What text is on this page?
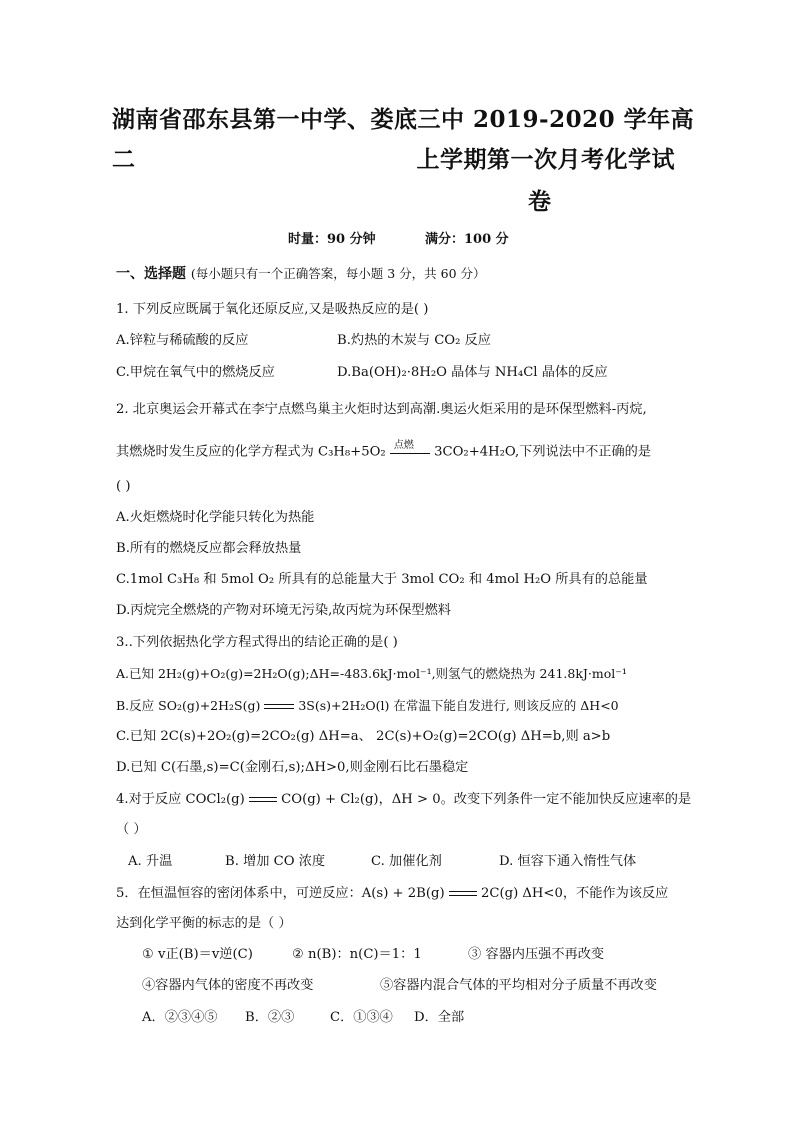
湖南省邵东县第一中学、娄底三中 2019-2020 学年高二	上学期第一次月考化学试
卷
时量：90 分钟	满分：100 分
一、选择题 (每小题只有一个正确答案，每小题 3 分，共 60 分）
1. 下列反应既属于氧化还原反应,又是吸热反应的是( )
A.锌粒与稀硫酸的反应	B.灼热的木炭与 CO₂ 反应
C.甲烷在氧气中的燃烧反应	D.Ba(OH)₂·8H₂O 晶体与 NH₄Cl 晶体的反应
2. 北京奥运会开幕式在李宁点燃鸟巢主火炬时达到高潮.奥运火炬采用的是环保型燃料-丙烷,
其燃烧时发生反应的化学方程式为 C₃H₈+5O₂ 点燃 3CO₂+4H₂O,下列说法中不正确的是
( )
A.火炬燃烧时化学能只转化为热能
B.所有的燃烧反应都会释放热量
C.1mol C₃H₈ 和 5mol O₂ 所具有的总能量大于 3mol CO₂ 和 4mol H₂O 所具有的总能量
D.丙烷完全燃烧的产物对环境无污染,故丙烷为环保型燃料
3..下列依据热化学方程式得出的结论正确的是( )
A.已知 2H₂(g)+O₂(g)=2H₂O(g);ΔH=-483.6kJ·mol⁻¹,则氢气的燃烧热为 241.8kJ·mol⁻¹
B.反应 SO₂(g)+2H₂S(g)	3S(s)+2H₂O(l) 在常温下能自发进行, 则该反应的 ΔH<0
C.已知 2C(s)+2O₂(g)=2CO₂(g) ΔH=a、 2C(s)+O₂(g)=2CO(g) ΔH=b,则 a>b
D.已知 C(石墨,s)=C(金刚石,s);ΔH>0,则金刚石比石墨稳定
4.对于反应 COCl₂(g)	CO(g) + Cl₂(g)，ΔH > 0。改变下列条件一定不能加快反应速率的是
（ ）
A. 升温	B. 增加 CO 浓度	C. 加催化剂	D. 恒容下通入惰性气体
5．在恒温恒容的密闭体系中，可逆反应：A(s) + 2B(g)	2C(g) ΔH<0，不能作为该反应
达到化学平衡的标志的是（ ）
① v正(B)＝v逆(C)	② n(B)：n(C)＝1：1	③ 容器内压强不再改变
④容器内气体的密度不再改变	⑤容器内混合气体的平均相对分子质量不再改变
A．②③④⑤ B．②③	C．①③④ D．全部
